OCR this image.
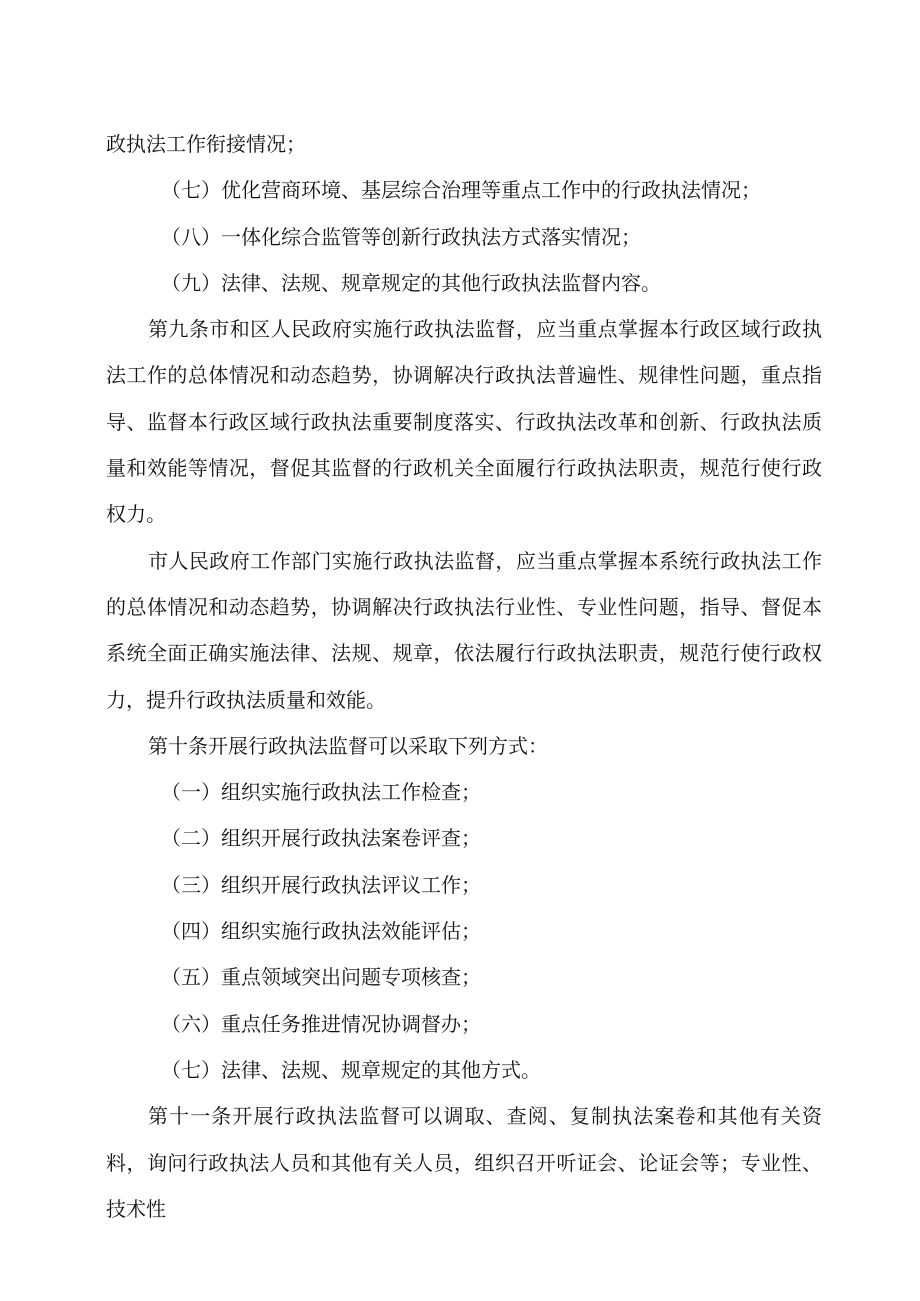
政执法工作衔接情况；

（七）优化营商环境、基层综合治理等重点工作中的行政执法情况；

（八）一体化综合监管等创新行政执法方式落实情况；

（九）法律、法规、规章规定的其他行政执法监督内容。

第九条市和区人民政府实施行政执法监督，应当重点掌握本行政区域行政执法工作的总体情况和动态趋势，协调解决行政执法普遍性、规律性问题，重点指导、监督本行政区域行政执法重要制度落实、行政执法改革和创新、行政执法质量和效能等情况，督促其监督的行政机关全面履行行政执法职责，规范行使行政权力。

市人民政府工作部门实施行政执法监督，应当重点掌握本系统行政执法工作的总体情况和动态趋势，协调解决行政执法行业性、专业性问题，指导、督促本系统全面正确实施法律、法规、规章，依法履行行政执法职责，规范行使行政权力，提升行政执法质量和效能。

第十条开展行政执法监督可以采取下列方式：

（一）组织实施行政执法工作检查；

（二）组织开展行政执法案卷评查；

（三）组织开展行政执法评议工作；

（四）组织实施行政执法效能评估；

（五）重点领域突出问题专项核查；

（六）重点任务推进情况协调督办；

（七）法律、法规、规章规定的其他方式。

第十一条开展行政执法监督可以调取、查阅、复制执法案卷和其他有关资料，询问行政执法人员和其他有关人员，组织召开听证会、论证会等；专业性、技术性
